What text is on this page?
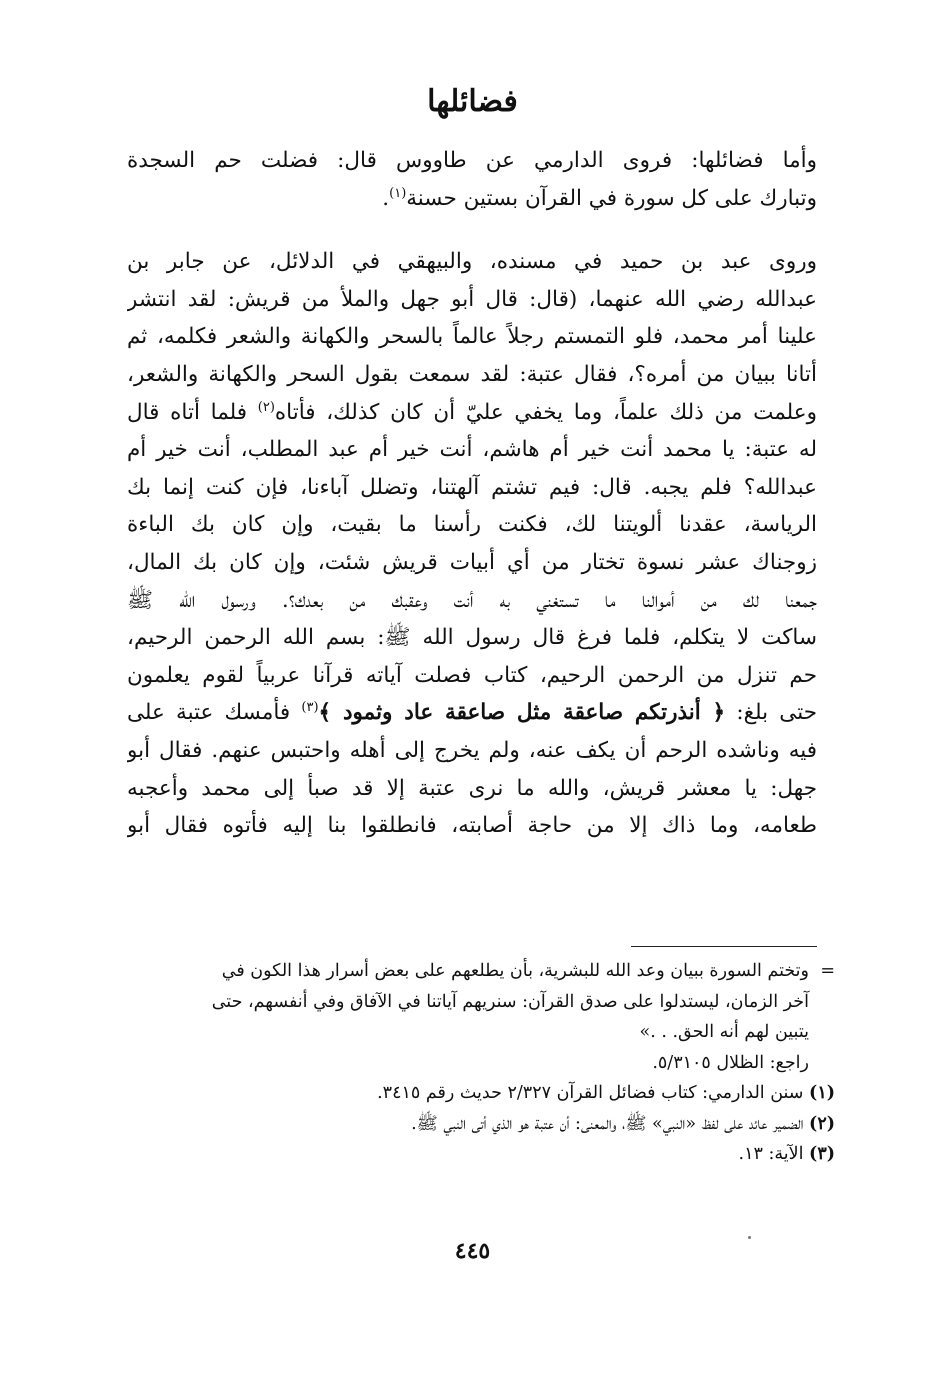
فضائلها
وأما فضائلها: فروى الدارمي عن طاووس قال: فضلت حم السجدة
وتبارك على كل سورة في القرآن بستين حسنة$^{(١)}$.
وروى عبد بن حميد في مسنده، والبيهقي في الدلائل، عن جابر بن
عبدالله رضي الله عنهما، (قال: قال أبو جهل والملأ من قريش: لقد انتشر
علينا أمر محمد، فلو التمستم رجلاً عالماً بالسحر والكهانة والشعر فكلمه، ثم
أتانا ببيان من أمره؟، فقال عتبة: لقد سمعت بقول السحر والكهانة والشعر،
وعلمت من ذلك علماً، وما يخفي عليّ أن كان كذلك، فأتاه$^{(٢)}$ فلما أتاه قال
له عتبة: يا محمد أنت خير أم هاشم، أنت خير أم عبد المطلب، أنت خير أم
عبدالله؟ فلم يجبه. قال: فيم تشتم آلهتنا، وتضلل آباءنا، فإن كنت إنما بك
الرياسة، عقدنا ألويتنا لك، فكنت رأسنا ما بقيت، وإن كان بك الباءة
زوجناك عشر نسوة تختار من أي أبيات قريش شئت، وإن كان بك المال،
جمعنا لك من أموالنا ما تستغني به أنت وعقبك من بعدك؟. ورسول الله ﷺ
ساكت لا يتكلم، فلما فرغ قال رسول الله ﷺ: بسم الله الرحمن الرحيم،
حم تنزل من الرحمن الرحيم، كتاب فصلت آياته قرآنا عربياً لقوم يعلمون
حتى بلغ: ﴿ أنذرتكم صاعقة مثل صاعقة عاد وثمود ﴾$^{(٣)}$ فأمسك عتبة على
فيه وناشده الرحم أن يكف عنه، ولم يخرج إلى أهله واحتبس عنهم. فقال أبو
جهل: يا معشر قريش، والله ما نرى عتبة إلا قد صبأ إلى محمد وأعجبه
طعامه، وما ذاك إلا من حاجة أصابته، فانطلقوا بنا إليه فأتوه فقال أبو
=وتختم السورة ببيان وعد الله للبشرية، بأن يطلعهم على بعض أسرار هذا الكون في
آخر الزمان، ليستدلوا على صدق القرآن: سنريهم آياتنا في الآفاق وفي أنفسهم، حتى
يتبين لهم أنه الحق. . .»
راجع: الظلال ٥/٣١٠٥.
(١) سنن الدارمي: كتاب فضائل القرآن ٢/٣٢٧ حديث رقم ٣٤١٥.
(٢) الضمير عائد على لفظ «النبي» ﷺ، والمعنى: أن عتبة هو الذي أتى النبي ﷺ.
(٣) الآية: ١٣.
٤٤٥
